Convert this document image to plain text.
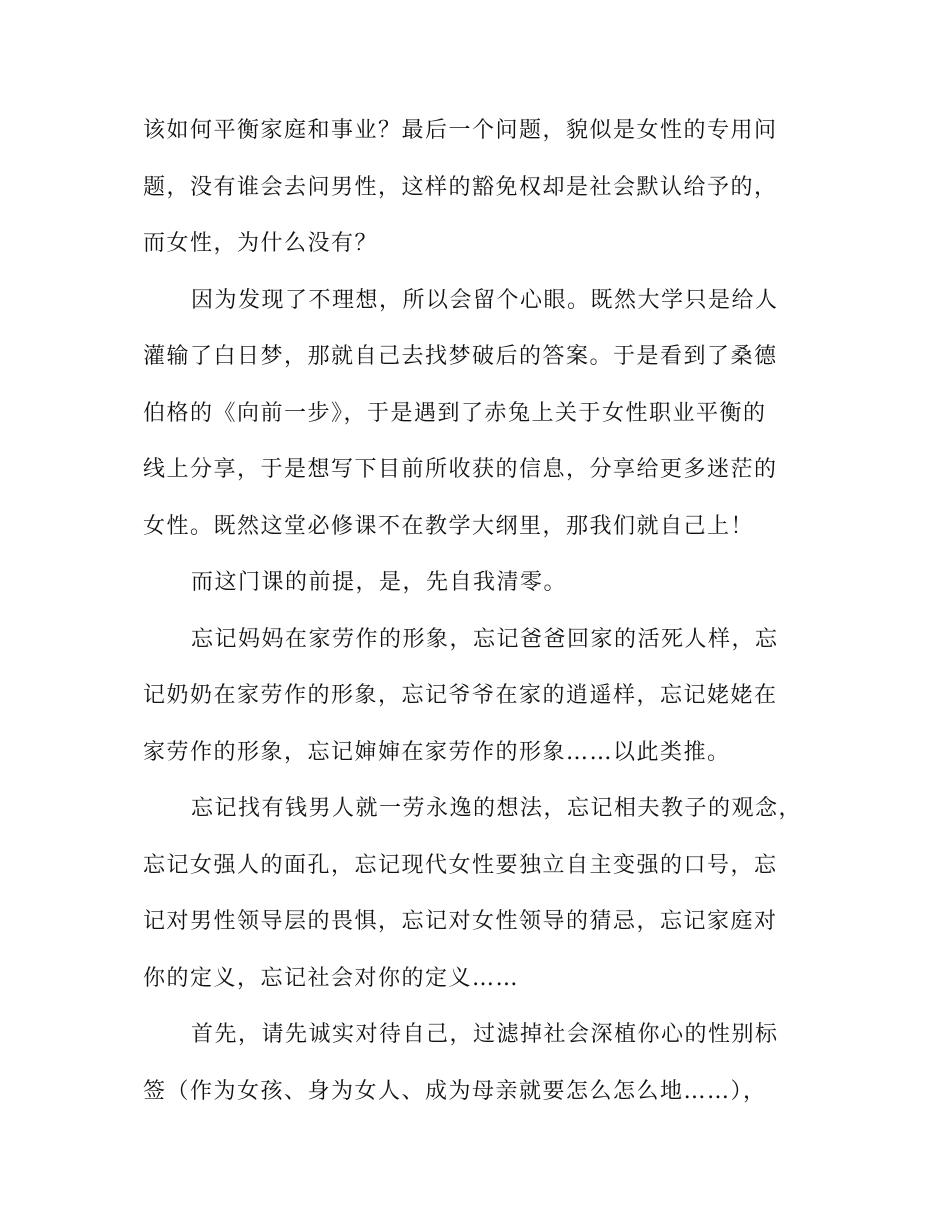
该如何平衡家庭和事业？最后一个问题，貌似是女性的专用问
题，没有谁会去问男性，这样的豁免权却是社会默认给予的，
而女性，为什么没有？
因为发现了不理想，所以会留个心眼。既然大学只是给人
灌输了白日梦，那就自己去找梦破后的答案。于是看到了桑德
伯格的《向前一步》，于是遇到了赤兔上关于女性职业平衡的
线上分享，于是想写下目前所收获的信息，分享给更多迷茫的
女性。既然这堂必修课不在教学大纲里，那我们就自己上！
而这门课的前提，是，先自我清零。
忘记妈妈在家劳作的形象，忘记爸爸回家的活死人样，忘
记奶奶在家劳作的形象，忘记爷爷在家的逍遥样，忘记姥姥在
家劳作的形象，忘记婶婶在家劳作的形象……以此类推。
忘记找有钱男人就一劳永逸的想法，忘记相夫教子的观念，
忘记女强人的面孔，忘记现代女性要独立自主变强的口号，忘
记对男性领导层的畏惧，忘记对女性领导的猜忌，忘记家庭对
你的定义，忘记社会对你的定义……
首先，请先诚实对待自己，过滤掉社会深植你心的性别标
签（作为女孩、身为女人、成为母亲就要怎么怎么地……），
